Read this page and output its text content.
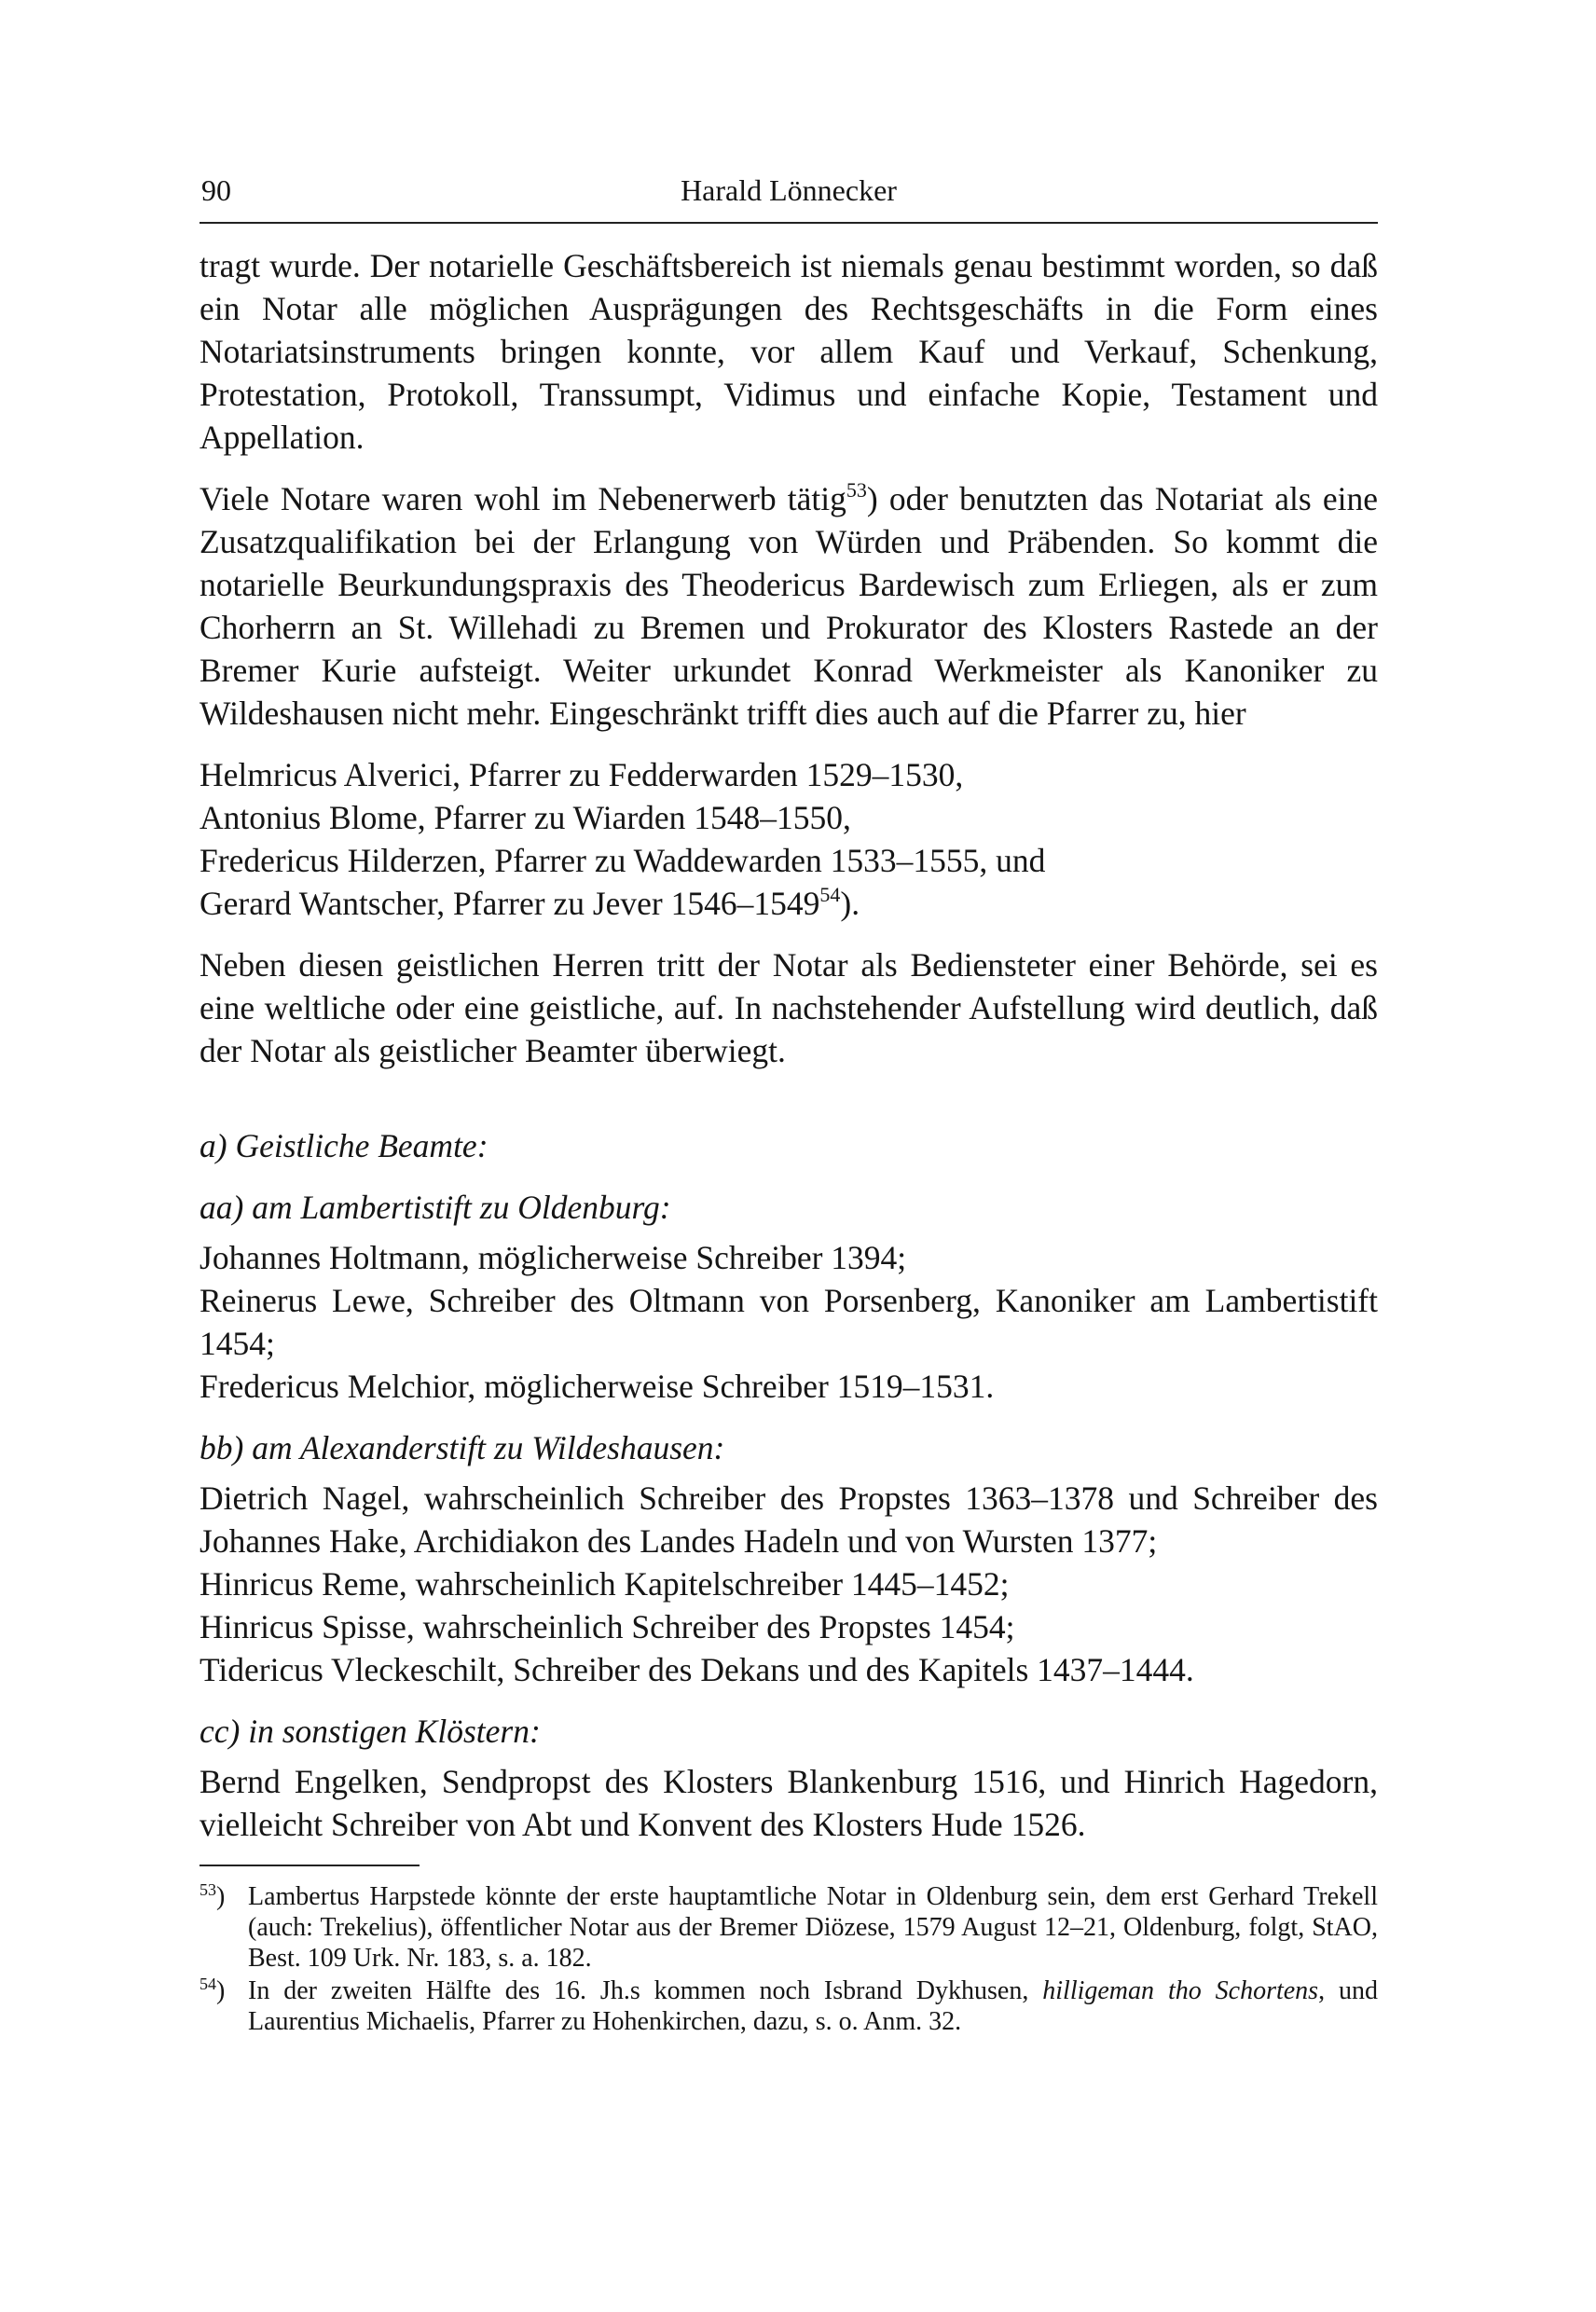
90	Harald Lönnecker

tragt wurde. Der notarielle Geschäftsbereich ist niemals genau bestimmt worden, so daß ein Notar alle möglichen Ausprägungen des Rechtsgeschäfts in die Form eines Notariatsinstruments bringen konnte, vor allem Kauf und Verkauf, Schenkung, Protestation, Protokoll, Transsumpt, Vidimus und einfache Kopie, Testament und Appellation.

Viele Notare waren wohl im Nebenerwerb tätig$^{53}$) oder benutzten das Notariat als eine Zusatzqualifikation bei der Erlangung von Würden und Präbenden. So kommt die notarielle Beurkundungspraxis des Theodericus Bardewisch zum Erliegen, als er zum Chorherrn an St. Willehadi zu Bremen und Prokurator des Klosters Rastede an der Bremer Kurie aufsteigt. Weiter urkundet Konrad Werkmeister als Kanoniker zu Wildeshausen nicht mehr. Eingeschränkt trifft dies auch auf die Pfarrer zu, hier

Helmricus Alverici, Pfarrer zu Fedderwarden 1529–1530,
Antonius Blome, Pfarrer zu Wiarden 1548–1550,
Fredericus Hilderzen, Pfarrer zu Waddewarden 1533–1555, und
Gerard Wantscher, Pfarrer zu Jever 1546–1549$^{54}$).

Neben diesen geistlichen Herren tritt der Notar als Bediensteter einer Behörde, sei es eine weltliche oder eine geistliche, auf. In nachstehender Aufstellung wird deutlich, daß der Notar als geistlicher Beamter überwiegt.

a) Geistliche Beamte:
aa) am Lambertistift zu Oldenburg:
Johannes Holtmann, möglicherweise Schreiber 1394;
Reinerus Lewe, Schreiber des Oltmann von Porsenberg, Kanoniker am Lambertistift 1454;
Fredericus Melchior, möglicherweise Schreiber 1519–1531.
bb) am Alexanderstift zu Wildeshausen:
Dietrich Nagel, wahrscheinlich Schreiber des Propstes 1363–1378 und Schreiber des Johannes Hake, Archidiakon des Landes Hadeln und von Wursten 1377;
Hinricus Reme, wahrscheinlich Kapitelschreiber 1445–1452;
Hinricus Spisse, wahrscheinlich Schreiber des Propstes 1454;
Tidericus Vleckeschilt, Schreiber des Dekans und des Kapitels 1437–1444.
cc) in sonstigen Klöstern:
Bernd Engelken, Sendpropst des Klosters Blankenburg 1516, und Hinrich Hagedorn, vielleicht Schreiber von Abt und Konvent des Klosters Hude 1526.
$^{53}$) Lambertus Harpstede könnte der erste hauptamtliche Notar in Oldenburg sein, dem erst Gerhard Trekell (auch: Trekelius), öffentlicher Notar aus der Bremer Diözese, 1579 August 12–21, Oldenburg, folgt, StAO, Best. 109 Urk. Nr. 183, s. a. 182.
$^{54}$) In der zweiten Hälfte des 16. Jh.s kommen noch Isbrand Dykhusen, hilligeman tho Schortens, und Laurentius Michaelis, Pfarrer zu Hohenkirchen, dazu, s. o. Anm. 32.
